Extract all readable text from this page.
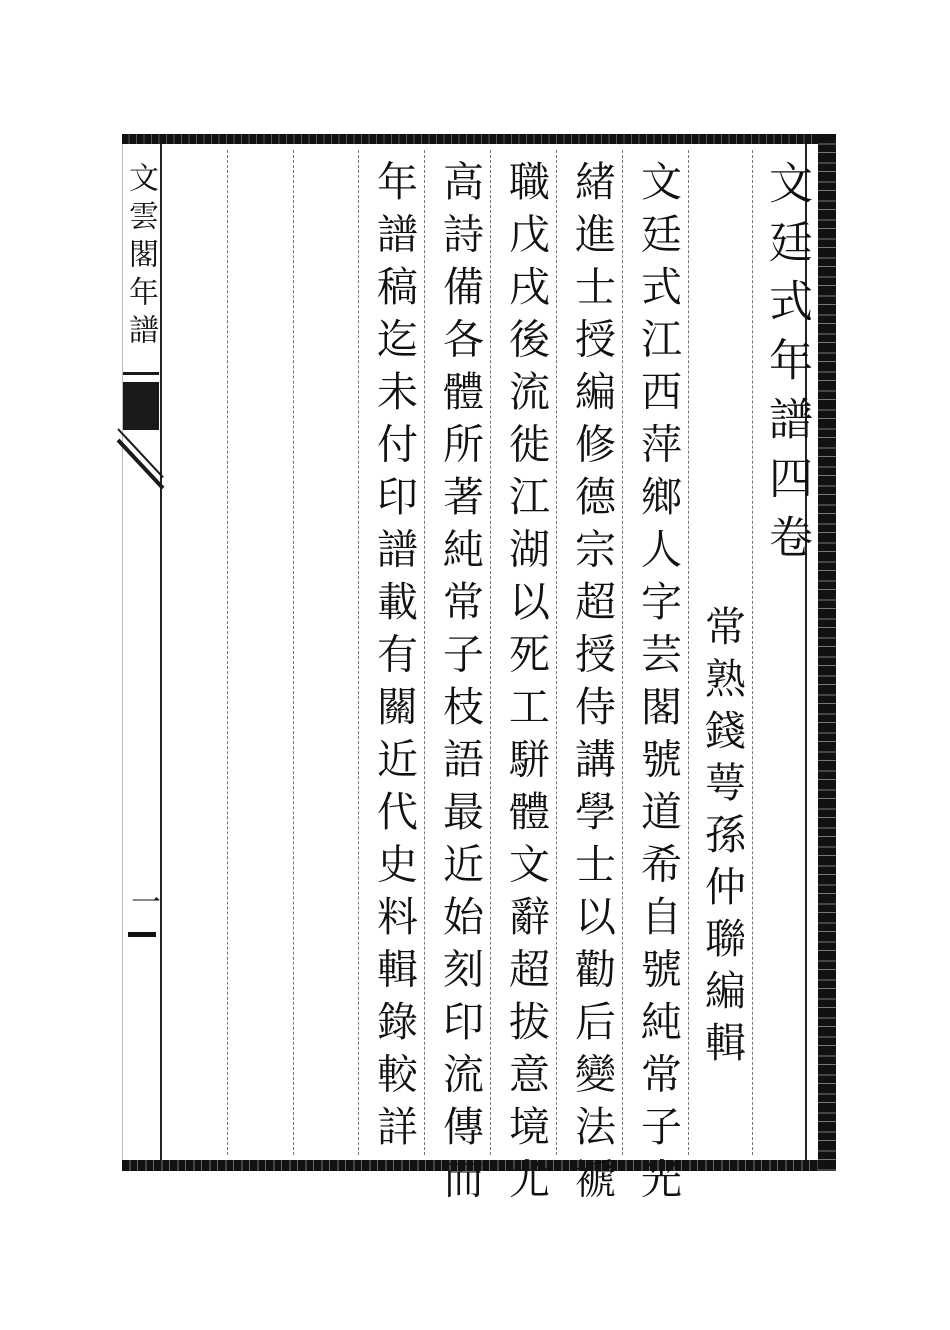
文雲閣年譜
一
文廷式年譜四卷
常熟錢萼孫仲聯編輯
文廷式江西萍鄉人字芸閣號道希自號純常子光
緒進士授編修德宗超授侍講學士以勸后變法褫
職戊戌後流徙江湖以死工駢體文辭超拔意境尤
高詩備各體所著純常子枝語最近始刻印流傳而
年譜稿迄未付印譜載有關近代史料輯錄較詳
